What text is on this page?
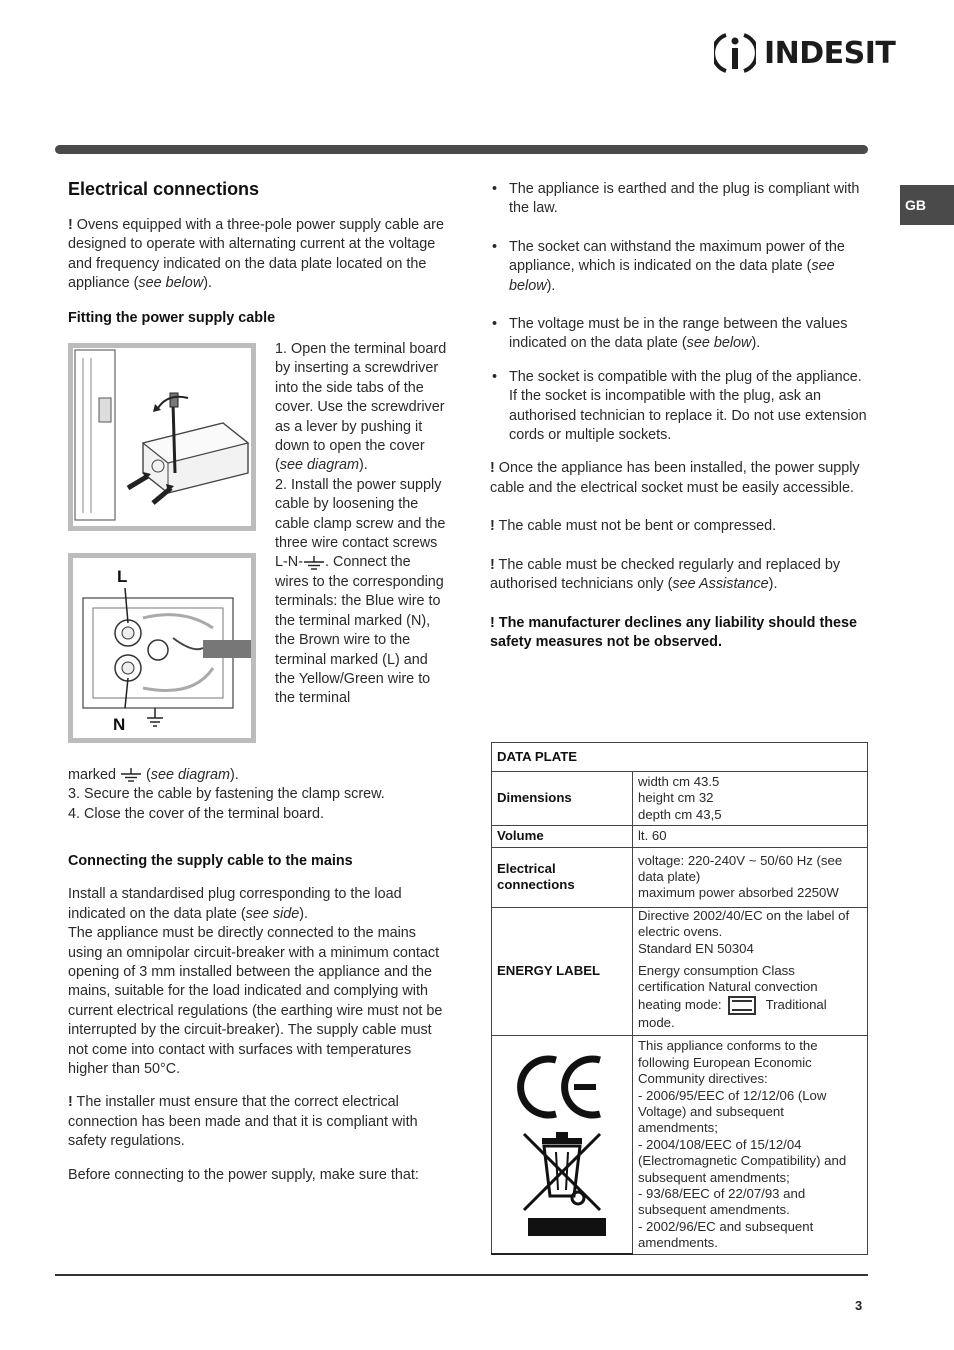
INDESIT
GB
Electrical connections

! Ovens equipped with a three-pole power supply cable are designed to operate with alternating current at the voltage and frequency indicated on the data plate located on the appliance (see below).

Fitting the power supply cable
L
N

1. Open the terminal board by inserting a screwdriver into the side tabs of the cover. Use the screwdriver as a lever by pushing it down to open the cover (see diagram).

2. Install the power supply cable by loosening the cable clamp screw and the three wire contact screws L-N- . Connect the wires to the corresponding terminals: the Blue wire to the terminal marked (N), the Brown wire to the terminal marked (L) and the Yellow/Green wire to the terminal

marked  (see diagram).

3. Secure the cable by fastening the clamp screw.

4. Close the cover of the terminal board.

Connecting the supply cable to the mains

Install a standardised plug corresponding to the load indicated on the data plate (see side).

The appliance must be directly connected to the mains using an omnipolar circuit-breaker with a minimum contact opening of 3 mm installed between the appliance and the mains, suitable for the load indicated and complying with current electrical regulations (the earthing wire must not be interrupted by the circuit-breaker). The supply cable must not come into contact with surfaces with temperatures higher than 50°C.

! The installer must ensure that the correct electrical connection has been made and that it is compliant with safety regulations.

Before connecting to the power supply, make sure that:

• The appliance is earthed and the plug is compliant with the law.
• The socket can withstand the maximum power of the appliance, which is indicated on the data plate (see below).
• The voltage must be in the range between the values indicated on the data plate (see below).
• The socket is compatible with the plug of the appliance. If the socket is incompatible with the plug, ask an authorised technician to replace it. Do not use extension cords or multiple sockets.

! Once the appliance has been installed, the power supply cable and the electrical socket must be easily accessible.

! The cable must not be bent or compressed.

! The cable must be checked regularly and replaced by authorised technicians only (see Assistance).

! The manufacturer declines any liability should these safety measures not be observed.

DATA PLATE	
Dimensions	width cm 43.5
height cm 32
depth cm 43,5

Volume	lt. 60
Electrical connections	voltage: 220-240V ~ 50/60 Hz (see data plate)
maximum power absorbed 2250W

ENERGY LABEL	Directive 2002/40/EC on the label of electric ovens.
Standard EN 50304
Energy consumption Class certification Natural convection heating mode: Traditional mode.

This appliance conforms to the following European Economic Community directives:
- 2006/95/EEC of 12/12/06 (Low Voltage) and subsequent amendments;
- 2004/108/EEC of 15/12/04 (Electromagnetic Compatibility) and subsequent amendments;
- 93/68/EEC of 22/07/93 and subsequent amendments.
- 2002/96/EC and subsequent amendments.
3
